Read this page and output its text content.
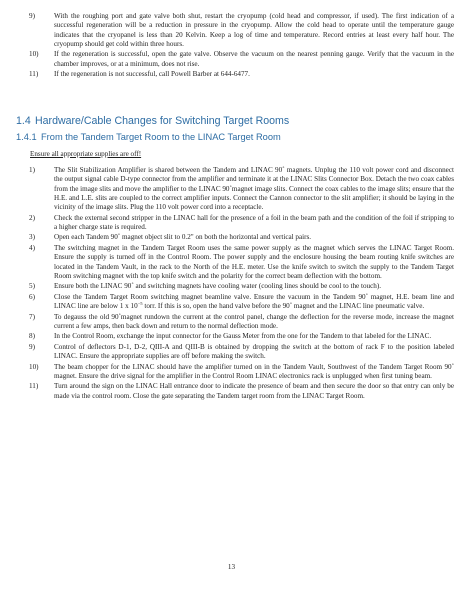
9)	With the roughing port and gate valve both shut, restart the cryopump (cold head and compressor, if used). The first indication of a successful regeneration will be a reduction in pressure in the cryopump. Allow the cold head to operate until the temperature gauge indicates that the cryopanel is less than 20 Kelvin. Keep a log of time and temperature. Record entries at least every half hour. The cryopump should get cold within three hours.
10) If the regeneration is successful, open the gate valve. Observe the vacuum on the nearest penning gauge. Verify that the vacuum in the chamber improves, or at a minimum, does not rise.
11) If the regeneration is not successful, call Powell Barber at 644-6477.
1.4 Hardware/Cable Changes for Switching Target Rooms
1.4.1 From the Tandem Target Room to the LINAC Target Room

Ensure all appropriate supplies are off!

1)	The Slit Stabilization Amplifier is shared between the Tandem and LINAC 90˚ magnets. Unplug the 110 volt power cord and disconnect the output signal cable D-type connector from the amplifier and terminate it at the LINAC Slits Connector Box. Detach the two coax cables from the image slits and move the amplifier to the LINAC 90˚magnet image slits. Connect the coax cables to the image slits; ensure that the H.E. and L.E. slits are coupled to the correct amplifier inputs. Connect the Cannon connector to the slit amplifier; it should be laying in the vicinity of the image slits. Plug the 110 volt power cord into a receptacle.
2)	Check the external second stripper in the LINAC hall for the presence of a foil in the beam path and the condition of the foil if stripping to a higher charge state is required.
3)	Open each Tandem 90˚ magnet object slit to 0.2" on both the horizontal and vertical pairs.
4)	The switching magnet in the Tandem Target Room uses the same power supply as the magnet which serves the LINAC Target Room. Ensure the supply is turned off in the Control Room. The power supply and the enclosure housing the beam routing knife switches are located in the Tandem Vault, in the rack to the North of the H.E. meter. Use the knife switch to switch the supply to the Tandem Target Room switching magnet with the top knife switch and the polarity for the correct beam deflection with the bottom.
5)	Ensure both the LINAC 90˚ and switching magnets have cooling water (cooling lines should be cool to the touch).
6)	Close the Tandem Target Room switching magnet beamline valve. Ensure the vacuum in the Tandem 90˚ magnet, H.E. beam line and LINAC line are below 1 x $10^{-5}$ torr. If this is so, open the hand valve before the 90˚ magnet and the LINAC line pneumatic valve.
7)	To degauss the old 90˚magnet rundown the current at the control panel, change the deflection for the reverse mode, increase the magnet current a few amps, then back down and return to the normal deflection mode.
8)	In the Control Room, exchange the input connector for the Gauss Meter from the one for the Tandem to that labeled for the LINAC.
9)	Control of deflectors D-1, D-2, QIII-A and QIII-B is obtained by dropping the switch at the bottom of rack F to the position labeled LINAC. Ensure the appropriate supplies are off before making the switch.
10) The beam chopper for the LINAC should have the amplifier turned on in the Tandem Vault, Southwest of the Tandem Target Room 90˚ magnet. Ensure the drive signal for the amplifier in the Control Room LINAC electronics rack is unplugged when first tuning beam.
11) Turn around the sign on the LINAC Hall entrance door to indicate the presence of beam and then secure the door so that entry can only be made via the control room. Close the gate separating the Tandem target room from the LINAC Target Room.
13
